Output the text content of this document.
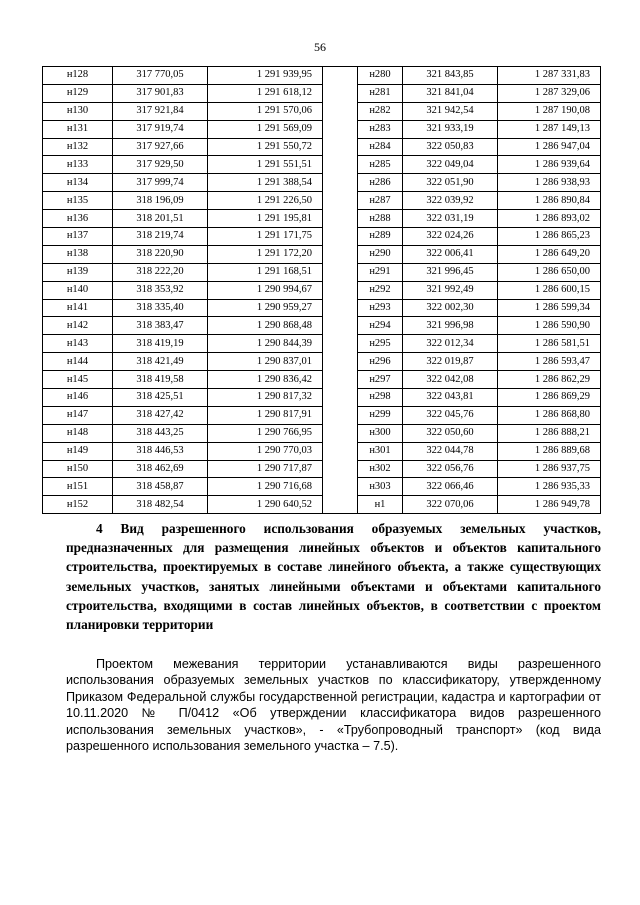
56
н128	317 770,05	1 291 939,95		н280	321 843,85	1 287 331,83
н129	317 901,83	1 291 618,12		н281	321 841,04	1 287 329,06
н130	317 921,84	1 291 570,06		н282	321 942,54	1 287 190,08
н131	317 919,74	1 291 569,09		н283	321 933,19	1 287 149,13
н132	317 927,66	1 291 550,72		н284	322 050,83	1 286 947,04
н133	317 929,50	1 291 551,51		н285	322 049,04	1 286 939,64
н134	317 999,74	1 291 388,54		н286	322 051,90	1 286 938,93
н135	318 196,09	1 291 226,50		н287	322 039,92	1 286 890,84
н136	318 201,51	1 291 195,81		н288	322 031,19	1 286 893,02
н137	318 219,74	1 291 171,75		н289	322 024,26	1 286 865,23
н138	318 220,90	1 291 172,20		н290	322 006,41	1 286 649,20
н139	318 222,20	1 291 168,51		н291	321 996,45	1 286 650,00
н140	318 353,92	1 290 994,67		н292	321 992,49	1 286 600,15
н141	318 335,40	1 290 959,27		н293	322 002,30	1 286 599,34
н142	318 383,47	1 290 868,48		н294	321 996,98	1 286 590,90
н143	318 419,19	1 290 844,39		н295	322 012,34	1 286 581,51
н144	318 421,49	1 290 837,01		н296	322 019,87	1 286 593,47
н145	318 419,58	1 290 836,42		н297	322 042,08	1 286 862,29
н146	318 425,51	1 290 817,32		н298	322 043,81	1 286 869,29
н147	318 427,42	1 290 817,91		н299	322 045,76	1 286 868,80
н148	318 443,25	1 290 766,95		н300	322 050,60	1 286 888,21
н149	318 446,53	1 290 770,03		н301	322 044,78	1 286 889,68
н150	318 462,69	1 290 717,87		н302	322 056,76	1 286 937,75
н151	318 458,87	1 290 716,68		н303	322 066,46	1 286 935,33
н152	318 482,54	1 290 640,52		н1	322 070,06	1 286 949,78
4 Вид разрешенного использования образуемых земельных участков, предназначенных для размещения линейных объектов и объектов капитального строительства, проектируемых в составе линейного объекта, а также существующих земельных участков, занятых линейными объектами и объектами капитального строительства, входящими в состав линейных объектов, в соответствии с проектом планировки территории
Проектом межевания территории устанавливаются виды разрешенного использования образуемых земельных участков по классификатору, утвержденному Приказом Федеральной службы государственной регистрации, кадастра и картографии от 10.11.2020 № П/0412 «Об утверждении классификатора видов разрешенного использования земельных участков», - «Трубопроводный транспорт» (код вида разрешенного использования земельного участка – 7.5).
